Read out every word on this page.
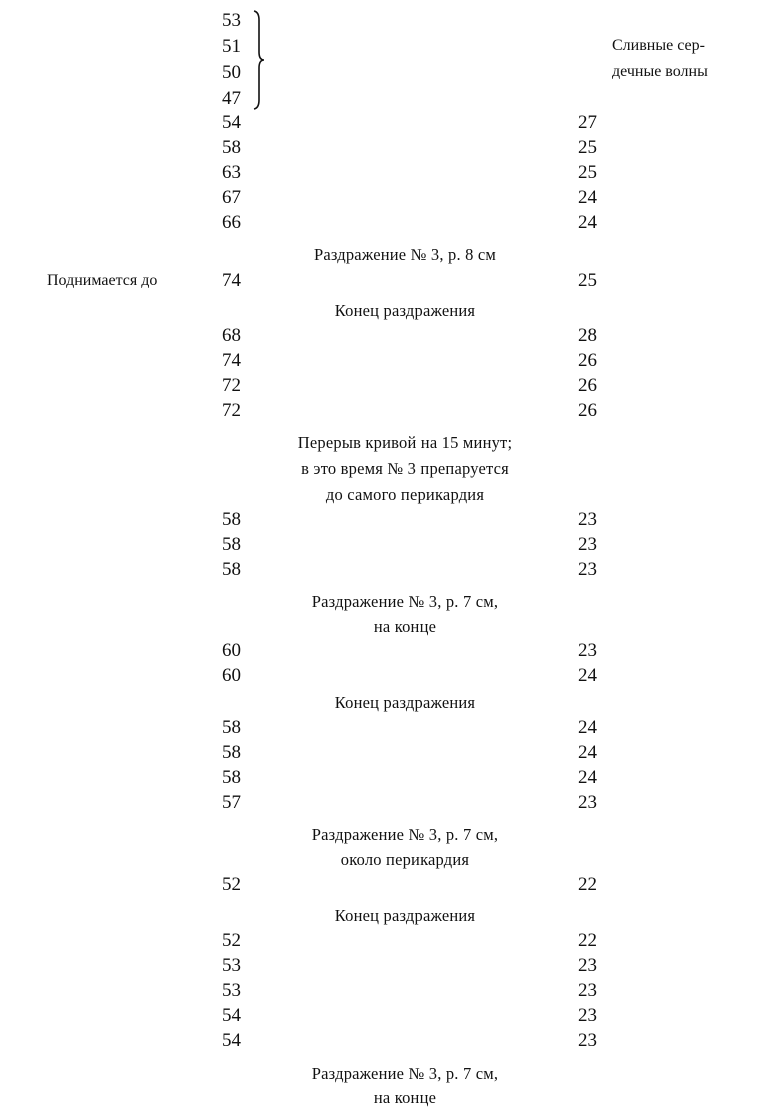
Сливные сер-
дечные волны
53
51
50
47
54	27
58	25
63	25
67	24
66	24
Раздражение № 3, р. 8 см
Поднимается до	74	25
Конец раздражения
68	28
74	26
72	26
72	26
Перерыв кривой на 15 минут;
в это время № 3 препаруется
до самого перикардия
58	23
58	23
58	23
Раздражение № 3, р. 7 см,
на конце
60	23
60	24
Конец раздражения
58	24
58	24
58	24
57	23
Раздражение № 3, р. 7 см,
около перикардия
52	22
Конец раздражения
52	22
53	23
53	23
54	23
54	23
Раздражение № 3, р. 7 см,
на конце
